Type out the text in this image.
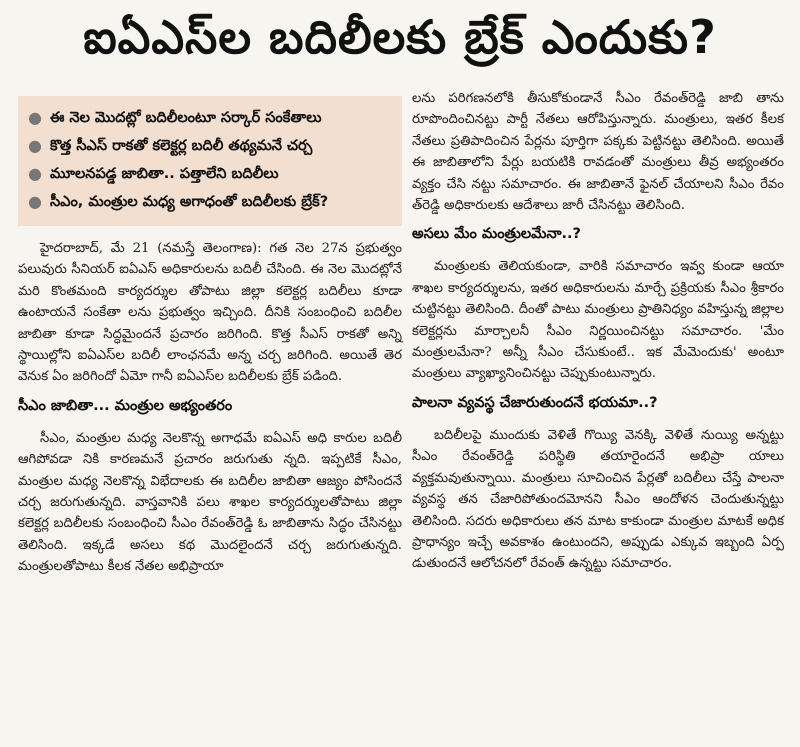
ఐఏఎస్‌ల బదిలీలకు బ్రేక్‌ ఎందుకు?
● ఈ నెల మొదట్లో బదిలీలంటూ సర్కార్‌ సంకేతాలు
● కొత్త సీఎస్‌ రాకతో కలెక్టర్ల బదిలీ తథ్యమనే చర్చ
● మూలనపడ్డ జాబితా.. పత్తాలేని బదిలీలు
● సీఎం, మంత్రుల మధ్య అగాధంతో బదిలీలకు బ్రేక్‌?

హైదరాబాద్‌, మే 21 (నమస్తే తెలంగాణ): గత నెల 27న ప్రభుత్వం పలువురు సీనియర్‌ ఐఏఎస్‌ అధికారులను బదిలీ చేసింది. ఈ నెల మొదట్లోనే మరి కొంతమంది కార్యదర్శుల తోపాటు జిల్లా కలెక్టర్ల బదిలీలు కూడా ఉంటాయనే సంకేతా లను ప్రభుత్వం ఇచ్చింది. దీనికి సంబంధించి బదిలీల జాబితా కూడా సిద్ధమైందనే ప్రచారం జరిగింది. కొత్త సీఎస్‌ రాకతో అన్ని స్థాయిల్లోని ఐఏఎస్‌ల బదిలీ లాంఛనమే అన్న చర్చ జరిగింది. అయితే తెర వెనుక ఏం జరిగిందో ఏమో గానీ ఐఏఎస్‌ల బదిలీలకు బ్రేక్‌ పడింది.

సీఎం జాబితా... మంత్రుల అభ్యంతరం

సీఎం, మంత్రుల మధ్య నెలకొన్న అగాధమే ఐఏఎస్‌ అధి కారుల బదిలీ ఆగిపోవడా నికి కారణమనే ప్రచారం జరుగుతు న్నది. ఇప్పటికే సీఎం, మంత్రుల మధ్య నెలకొన్న విభేదాలకు ఈ బదిలీల జాబితా ఆజ్యం పోసిందనే చర్చ జరుగుతున్నది. వాస్తవానికి పలు శాఖల కార్యదర్శులతోపాటు జిల్లా కలెక్టర్ల బదిలీలకు సంబంధించి సీఎం రేవంత్‌రెడ్డి ఓ జాబితాను సిద్ధం చేసినట్టు తెలిసింది. ఇక్కడే అసలు కథ మొదలైందనే చర్చ జరుగుతున్నది. మంత్రులతోపాటు కీలక నేతల అభిప్రాయా

లను పరిగణనలోకి తీసుకోకుండానే సీఎం రేవంత్‌రెడ్డి జాబి తాను రూపొందించినట్టు పార్టీ నేతలు ఆరోపిస్తున్నారు. మంత్రులు, ఇతర కీలక నేతలు ప్రతిపాదించిన పేర్లను పూర్తిగా పక్కకు పెట్టినట్టు తెలిసింది. అయితే ఈ జాబితాలోని పేర్లు బయటికి రావడంతో మంత్రులు తీవ్ర అభ్యంతరం వ్యక్తం చేసి నట్టు సమాచారం. ఈ జాబితానే ఫైనల్‌ చేయాలని సీఎం రేవం త్‌రెడ్డి అధికారులకు ఆదేశాలు జారీ చేసినట్టు తెలిసింది.

అసలు మేం మంత్రులమేనా..?

మంత్రులకు తెలియకుండా, వారికి సమాచారం ఇవ్వ కుండా ఆయా శాఖల కార్యదర్శులను, ఇతర అధికారులను మార్చే ప్రక్రియకు సీఎం శ్రీకారం చుట్టినట్టు తెలిసింది. దీంతో పాటు మంత్రులు ప్రాతినిధ్యం వహిస్తున్న జిల్లాల కలెక్టర్లను మార్చాలనీ సీఎం నిర్ణయించినట్టు సమాచారం. 'మేం మంత్రులమేనా? అన్నీ సీఎం చేసుకుంటే.. ఇక మేమెందుకు' అంటూ మంత్రులు వ్యాఖ్యానించినట్టు చెప్పుకుంటున్నారు.

పాలనా వ్యవస్థ చేజారుతుందనే భయమా..?

బదిలీలపై ముందుకు వెళితే గొయ్యి వెనక్కి వెళితే నుయ్యి అన్నట్టు సీఎం రేవంత్‌రెడ్డి పరిస్థితి తయారైందనే అభిప్రా యాలు వ్యక్తమవుతున్నాయి. మంత్రులు సూచించిన పేర్లతో బదిలీలు చేస్తే పాలనా వ్యవస్థ తన చేజారిపోతుందమోనని సీఎం ఆందోళన చెందుతున్నట్టు తెలిసింది. సదరు అధికారులు తన మాట కాకుండా మంత్రుల మాటకే అధిక ప్రాధాన్యం ఇచ్చే అవకాశం ఉంటుందని, అప్పుడు ఎక్కువ ఇబ్బంది ఏర్ప డుతుందనే ఆలోచనలో రేవంత్‌ ఉన్నట్టు సమాచారం.
